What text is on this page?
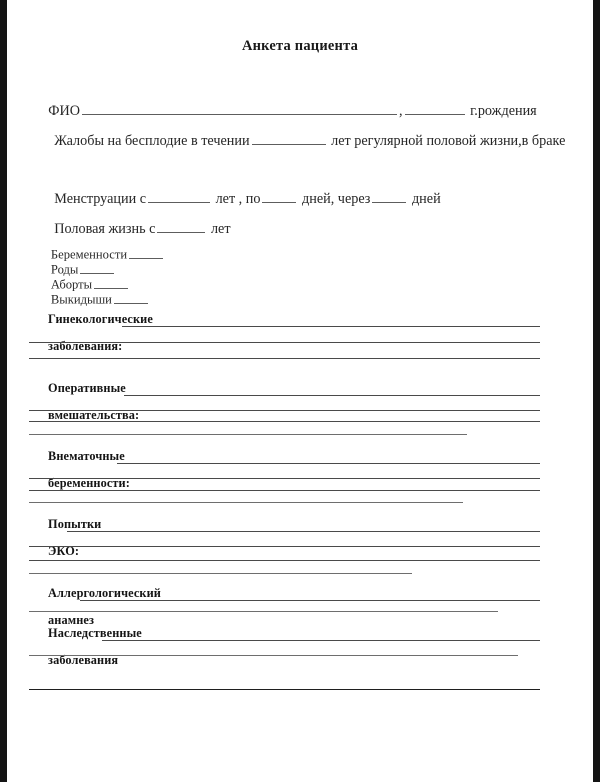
Анкета пациента

ФИО	,	г.рождения

Жалобы на бесплодие в течении	лет регулярной половой жизни,в браке

Менструации с	лет , по	дней, через	дней

Половая жизнь с	лет

Беременности

Роды

Аборты

Выкидыши

Гинекологические

заболевания:

Оперативные

вмешательства:

Внематочные

беременности:

Попытки

ЭКО:

Аллергологический

анамнез

Наследственные

заболевания
